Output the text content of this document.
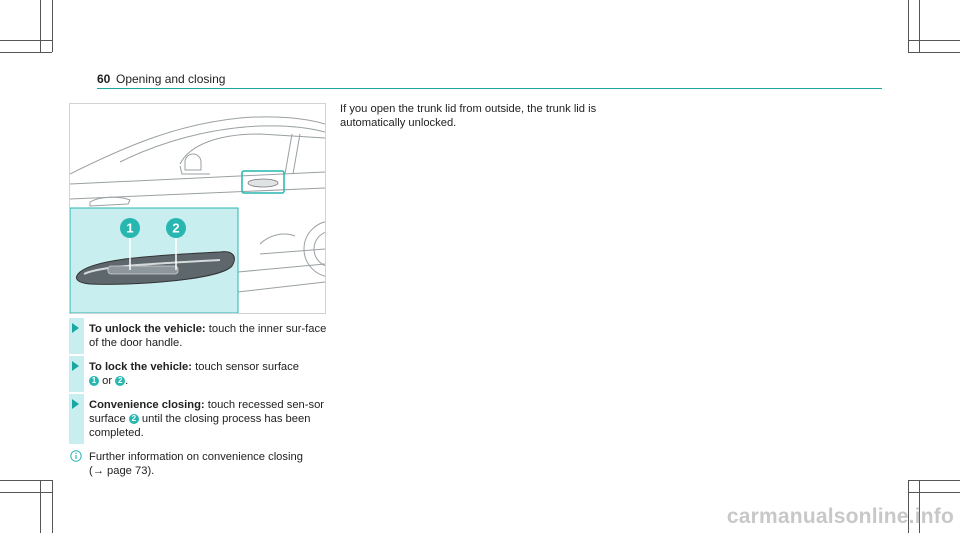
60 Opening and closing
1	2
To unlock the vehicle: touch the inner sur-face of the door handle.
To lock the vehicle: touch sensor surface
1 or 2 .
Convenience closing: touch recessed sen-sor surface 2 until the closing process has been completed.
Further information on convenience closing
(→ page 73).
If you open the trunk lid from outside, the trunk lid is automatically unlocked.
carmanualsonline.info
